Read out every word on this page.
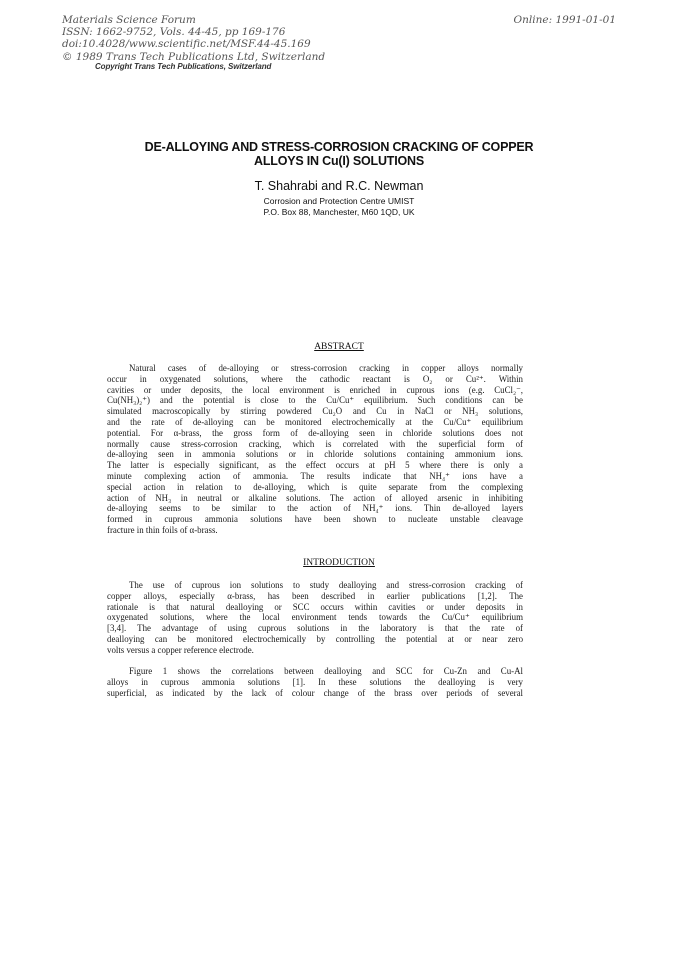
Materials Science Forum
ISSN: 1662-9752, Vols. 44-45, pp 169-176
doi:10.4028/www.scientific.net/MSF.44-45.169
© 1989 Trans Tech Publications Ltd, Switzerland
Online: 1991-01-01
Copyright Trans Tech Publications, Switzerland
DE-ALLOYING AND STRESS-CORROSION CRACKING OF COPPER
ALLOYS IN Cu(I) SOLUTIONS
T. Shahrabi and R.C. Newman
Corrosion and Protection Centre UMIST
P.O. Box 88, Manchester, M60 1QD, UK
ABSTRACT
Natural cases of de-alloying or stress-corrosion cracking in copper alloys normally
occur in oxygenated solutions, where the cathodic reactant is O₂ or Cu²⁺. Within
cavities or under deposits, the local environment is enriched in cuprous ions (e.g. CuCl₂⁻,
Cu(NH₃)₂⁺) and the potential is close to the Cu/Cu⁺ equilibrium. Such conditions can be
simulated macroscopically by stirring powdered Cu₂O and Cu in NaCl or NH₃ solutions,
and the rate of de-alloying can be monitored electrochemically at the Cu/Cu⁺ equilibrium
potential. For α-brass, the gross form of de-alloying seen in chloride solutions does not
normally cause stress-corrosion cracking, which is correlated with the superficial form of
de-alloying seen in ammonia solutions or in chloride solutions containing ammonium ions.
The latter is especially significant, as the effect occurs at pH 5 where there is only a
minute complexing action of ammonia. The results indicate that NH₄⁺ ions have a
special action in relation to de-alloying, which is quite separate from the complexing
action of NH₃ in neutral or alkaline solutions. The action of alloyed arsenic in inhibiting
de-alloying seems to be similar to the action of NH₄⁺ ions. Thin de-alloyed layers
formed in cuprous ammonia solutions have been shown to nucleate unstable cleavage
fracture in thin foils of α-brass.
INTRODUCTION
The use of cuprous ion solutions to study dealloying and stress-corrosion cracking of
copper alloys, especially α-brass, has been described in earlier publications [1,2]. The
rationale is that natural dealloying or SCC occurs within cavities or under deposits in
oxygenated solutions, where the local environment tends towards the Cu/Cu⁺ equilibrium
[3,4]. The advantage of using cuprous solutions in the laboratory is that the rate of
dealloying can be monitored electrochemically by controlling the potential at or near zero
volts versus a copper reference electrode.
Figure 1 shows the correlations between dealloying and SCC for Cu-Zn and Cu-Al
alloys in cuprous ammonia solutions [1]. In these solutions the dealloying is very
superficial, as indicated by the lack of colour change of the brass over periods of several
